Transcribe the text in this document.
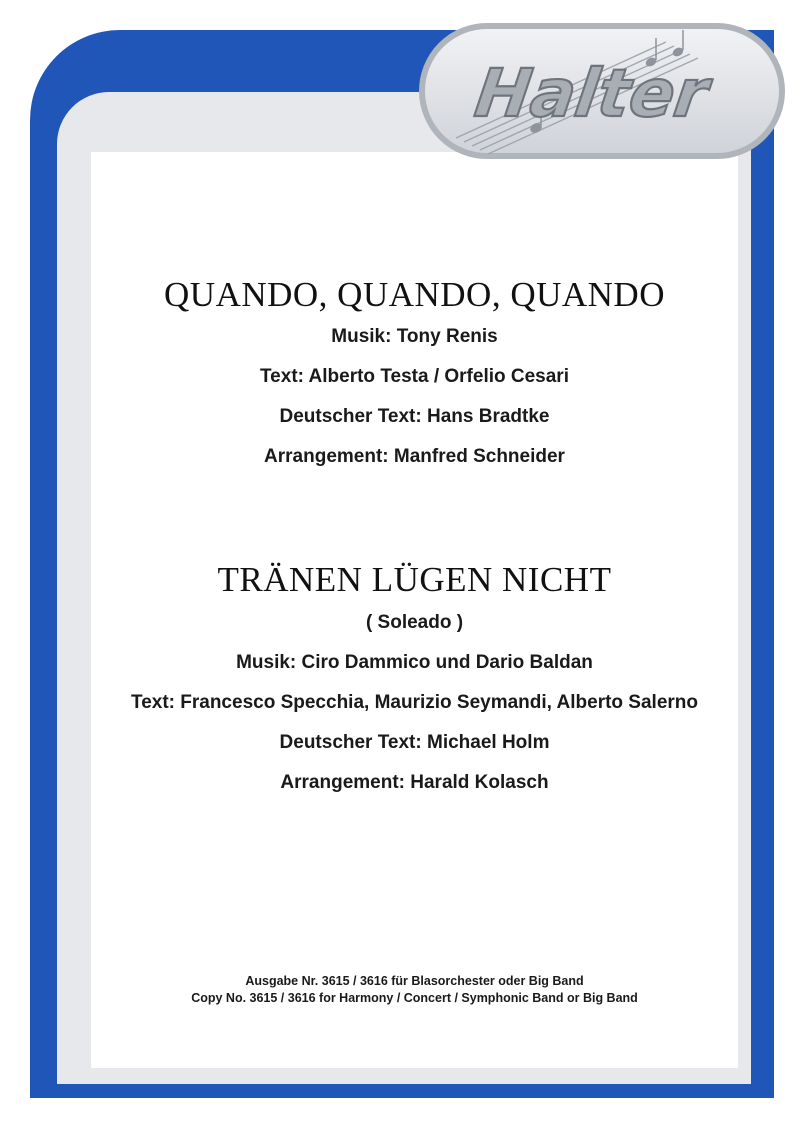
Halter
QUANDO, QUANDO, QUANDO
Musik: Tony Renis
Text: Alberto Testa / Orfelio Cesari
Deutscher Text: Hans Bradtke
Arrangement: Manfred Schneider
TRÄNEN LÜGEN NICHT
( Soleado )
Musik: Ciro Dammico und Dario Baldan
Text: Francesco Specchia, Maurizio Seymandi, Alberto Salerno
Deutscher Text: Michael Holm
Arrangement: Harald Kolasch
Ausgabe Nr. 3615 / 3616 für Blasorchester oder Big Band
Copy No. 3615 / 3616 for Harmony / Concert / Symphonic Band or Big Band
